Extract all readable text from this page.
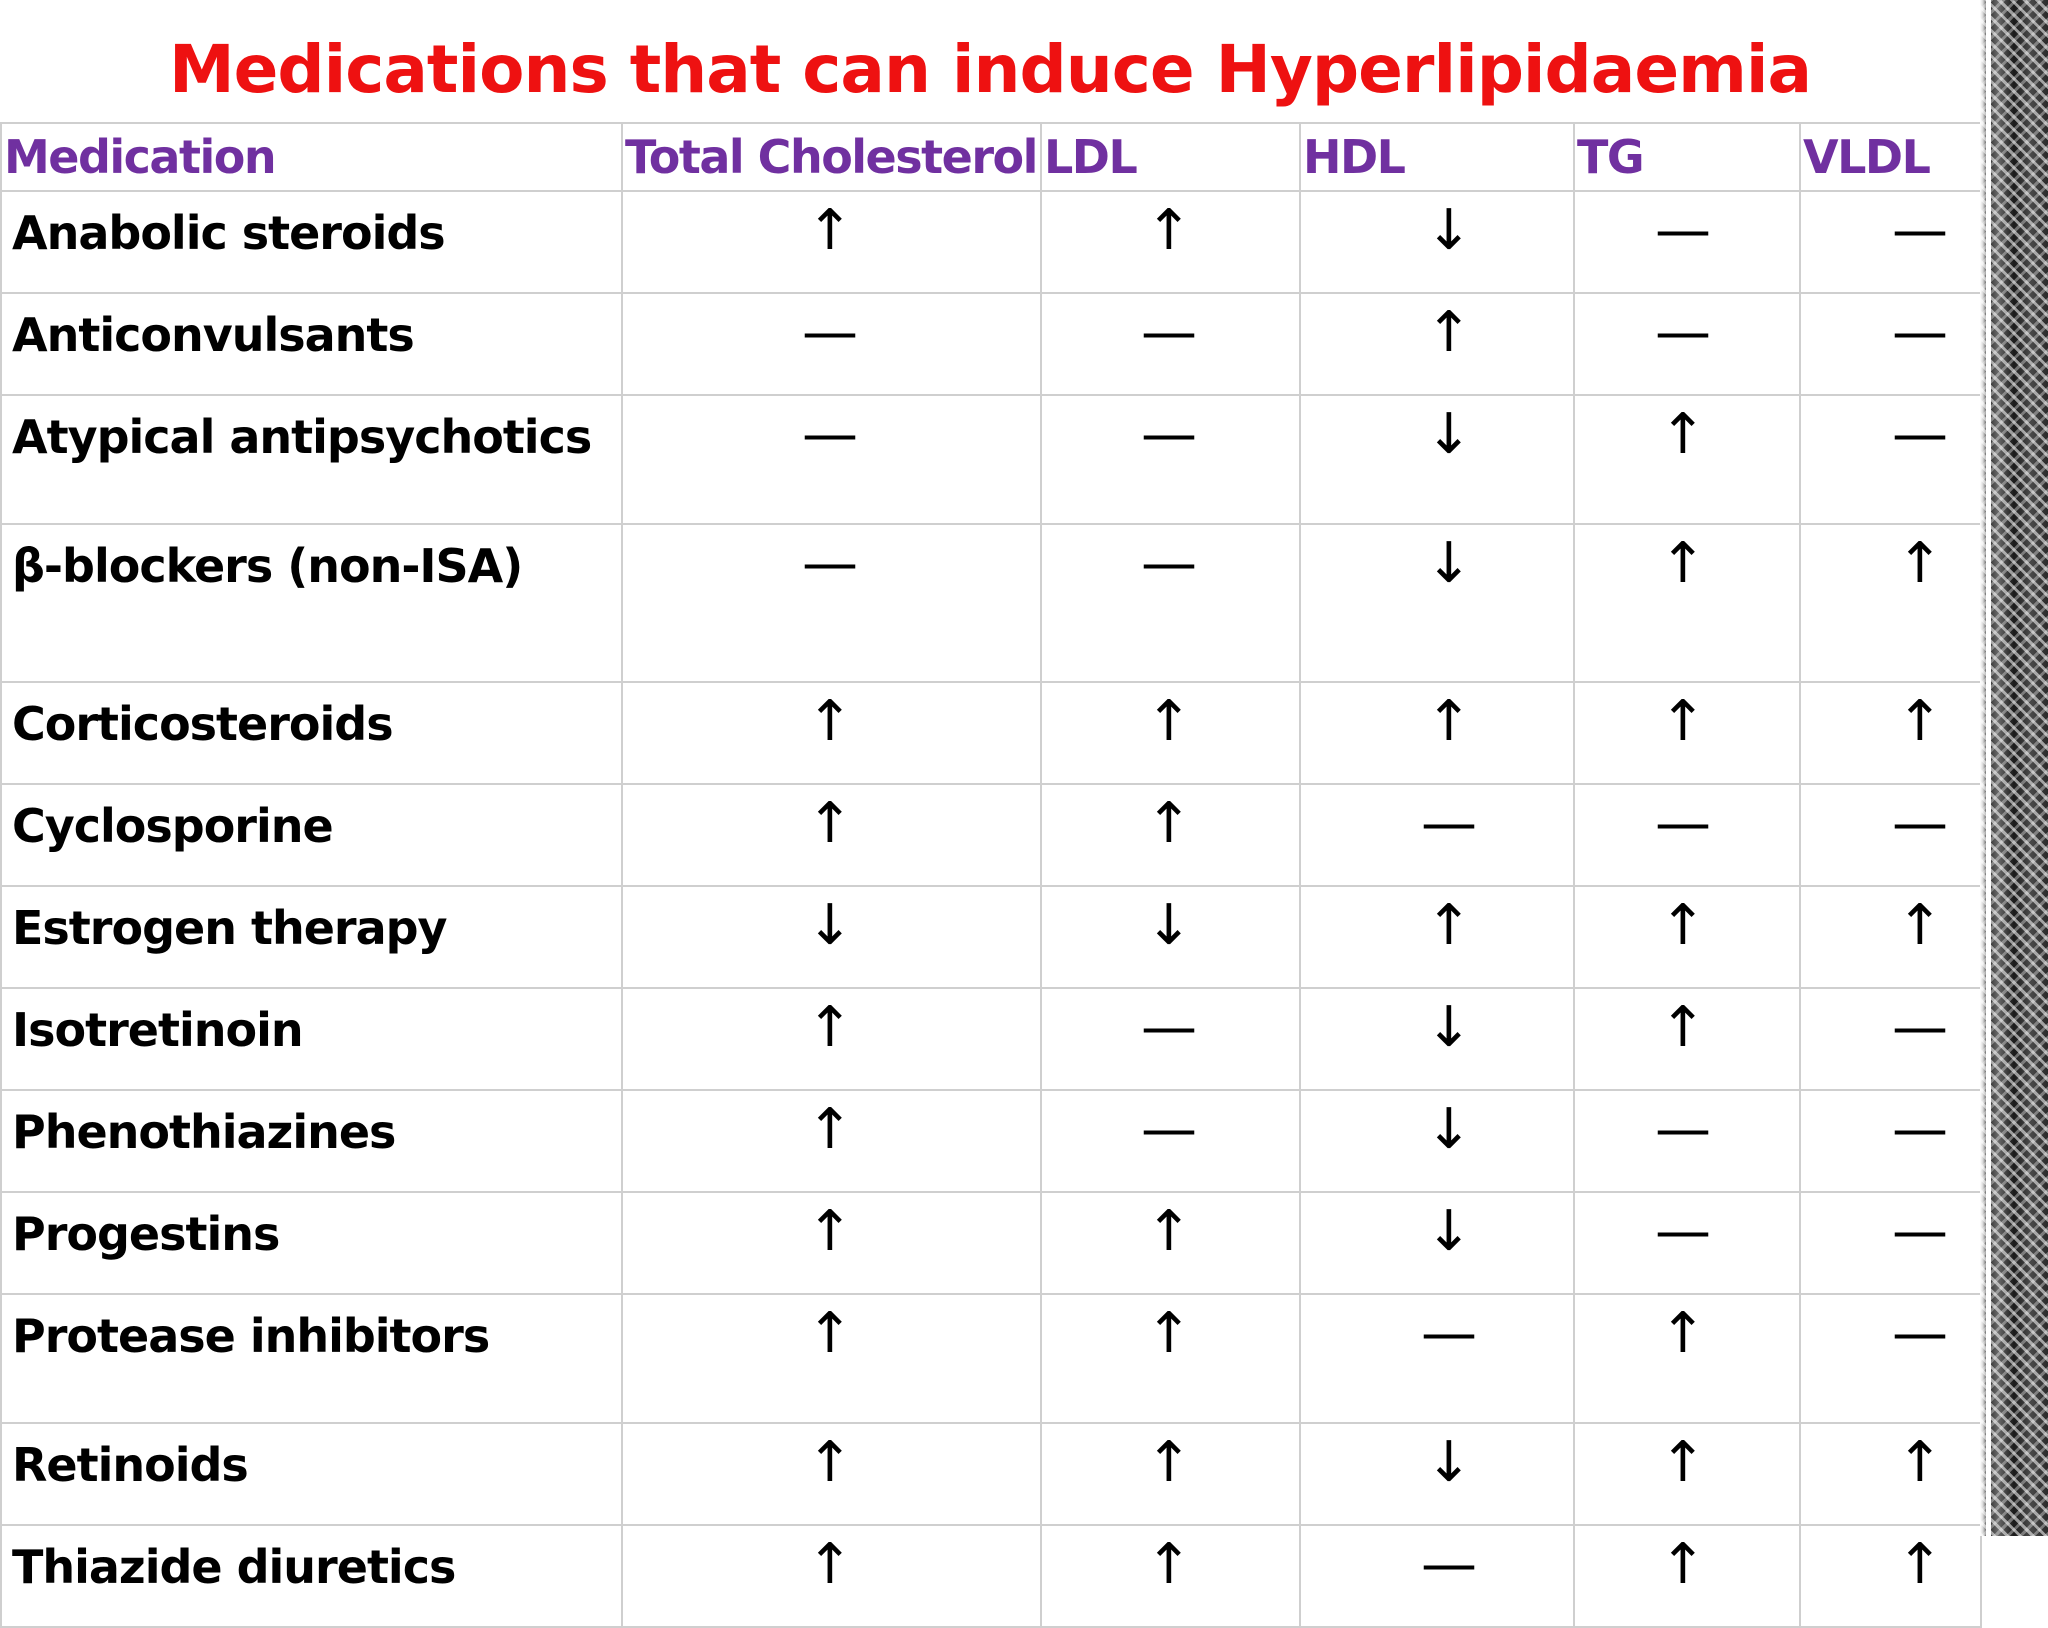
Medications that can induce Hyperlipidaemia
Medication	Total Cholesterol	LDL	HDL	TG	VLDL
Anabolic steroids	↑	↑	↓	—	—
Anticonvulsants	—	—	↑	—	—
Atypical antipsychotics	—	—	↓	↑	—
β-blockers (non-ISA)	—	—	↓	↑	↑
Corticosteroids	↑	↑	↑	↑	↑
Cyclosporine	↑	↑	—	—	—
Estrogen therapy	↓	↓	↑	↑	↑
Isotretinoin	↑	—	↓	↑	—
Phenothiazines	↑	—	↓	—	—
Progestins	↑	↑	↓	—	—
Protease inhibitors	↑	↑	—	↑	—
Retinoids	↑	↑	↓	↑	↑
Thiazide diuretics	↑	↑	—	↑	↑
